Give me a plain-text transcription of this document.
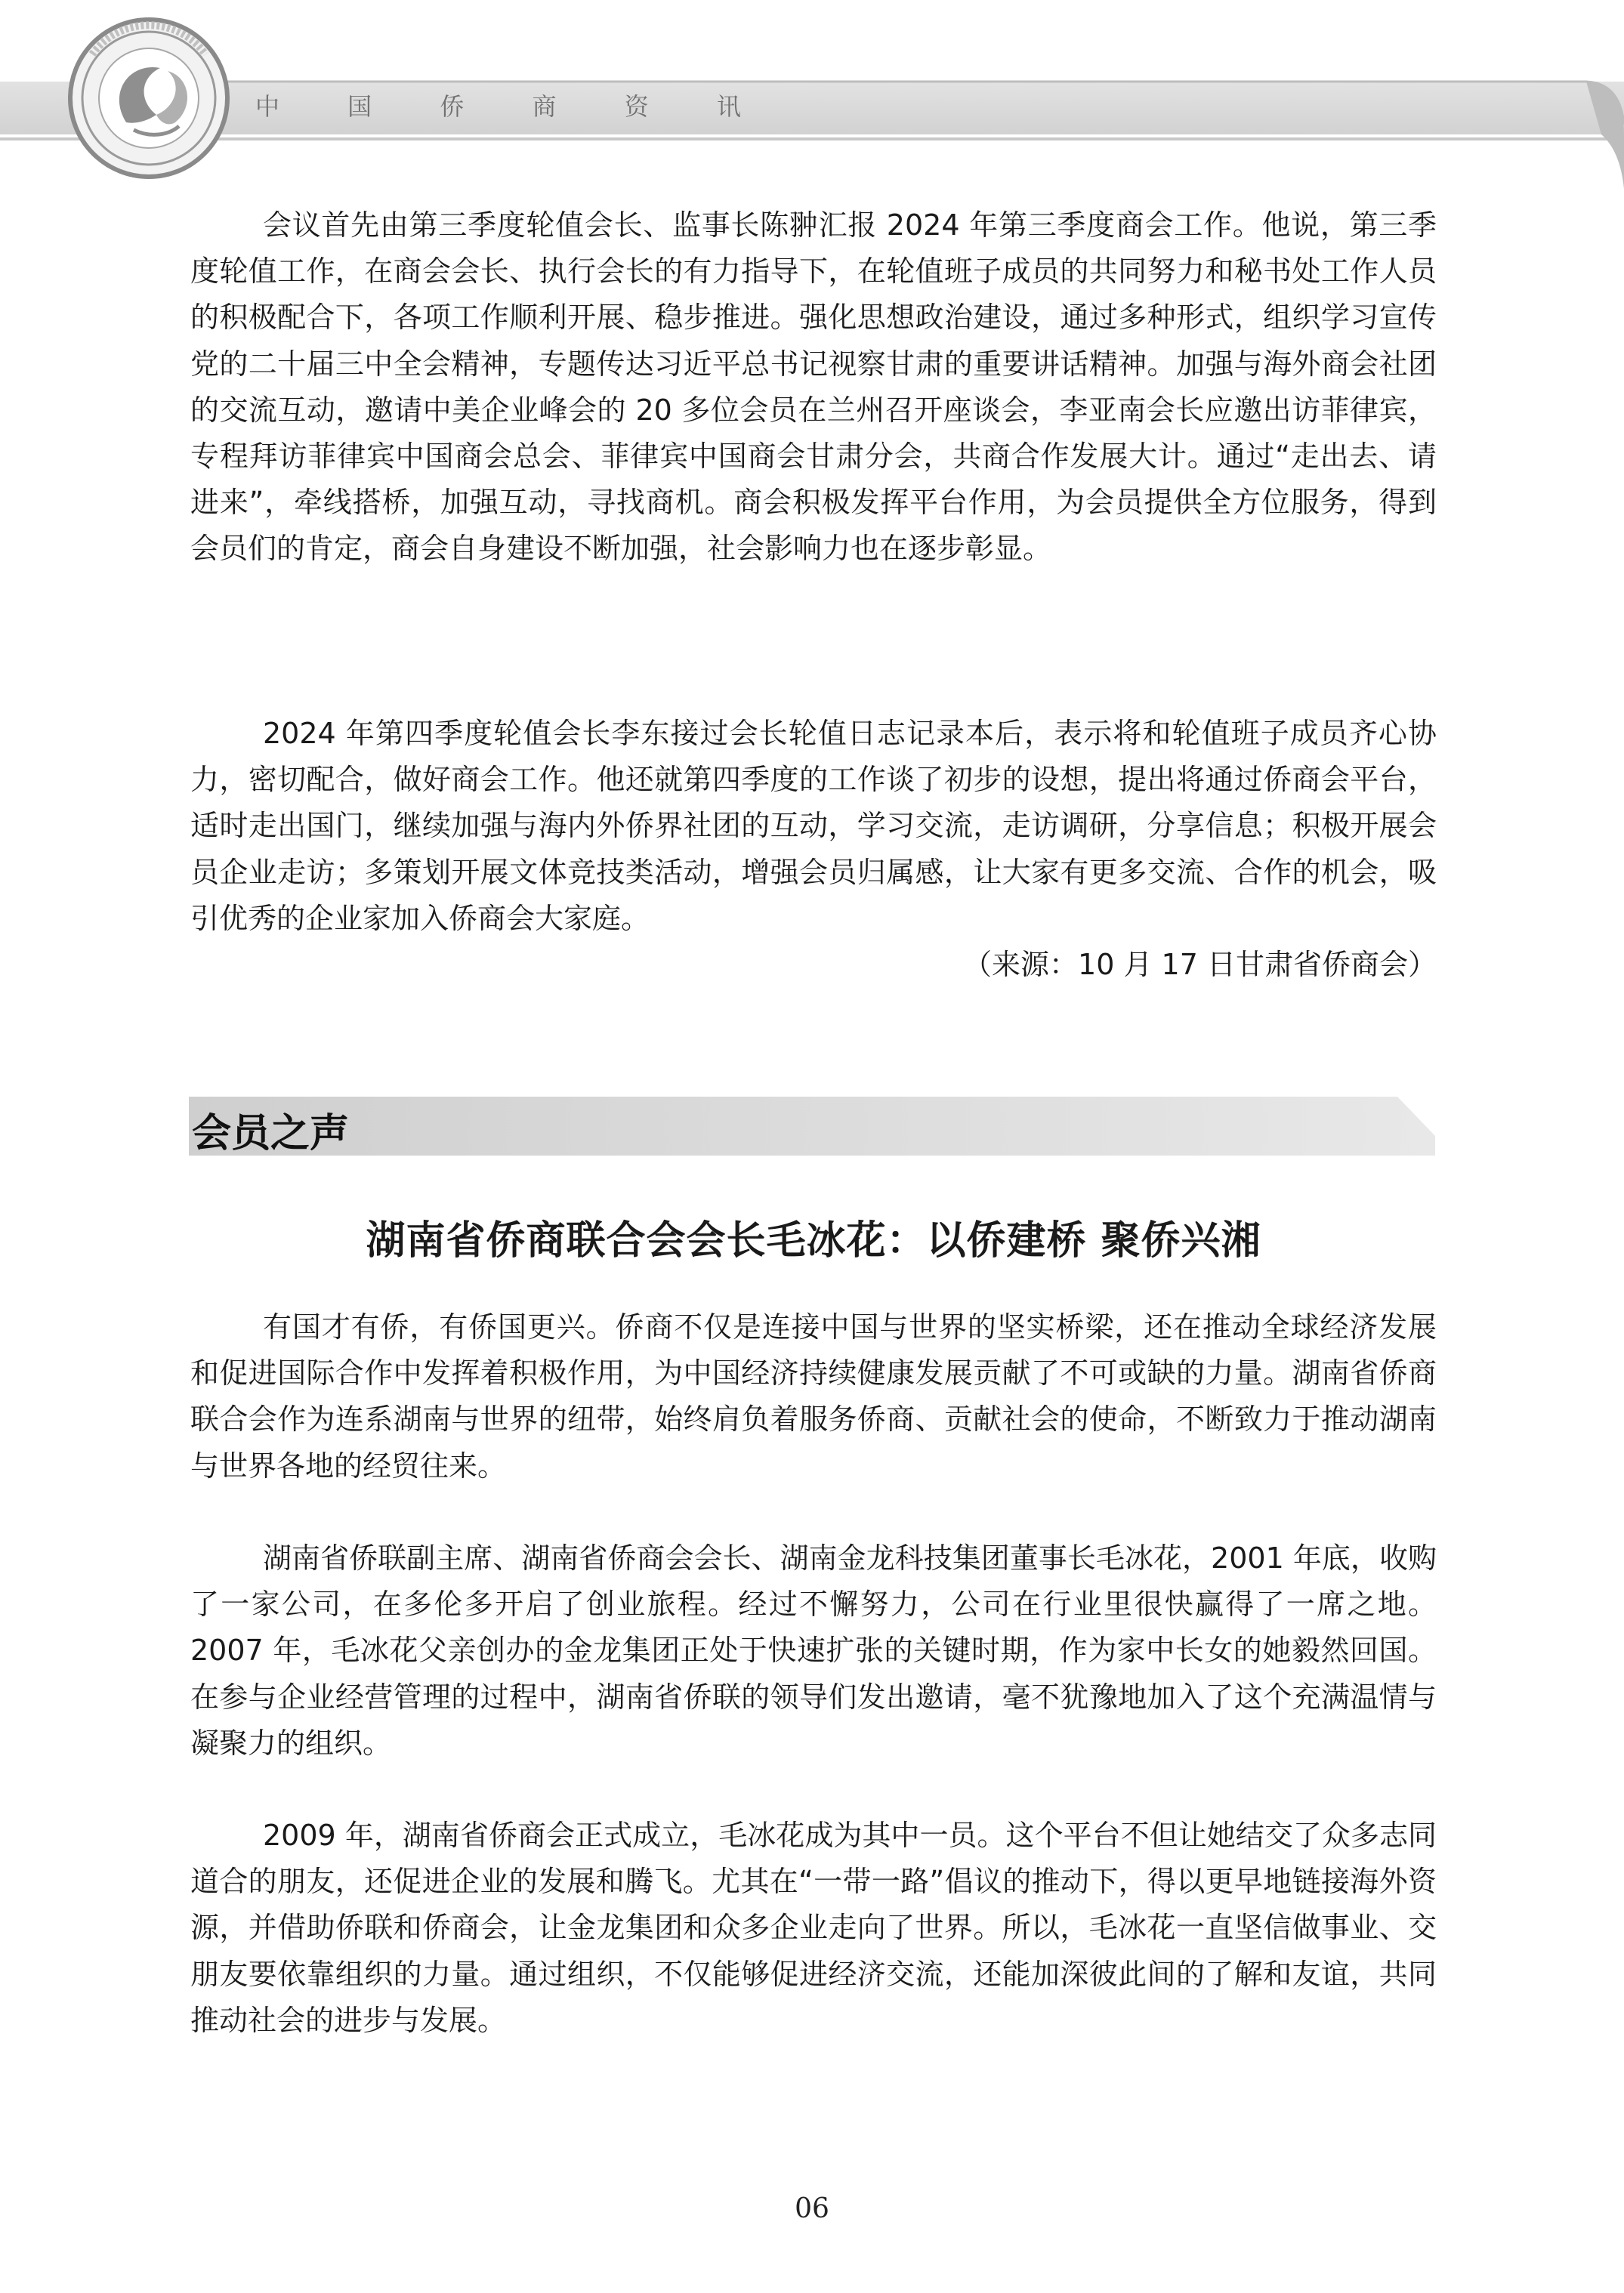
中 国 侨 商 资 讯

会议首先由第三季度轮值会长、监事长陈翀汇报 2024 年第三季度商会工作。他说，第三季度轮值工作，在商会会长、执行会长的有力指导下，在轮值班子成员的共同努力和秘书处工作人员的积极配合下，各项工作顺利开展、稳步推进。强化思想政治建设，通过多种形式，组织学习宣传党的二十届三中全会精神，专题传达习近平总书记视察甘肃的重要讲话精神。加强与海外商会社团的交流互动，邀请中美企业峰会的 20 多位会员在兰州召开座谈会，李亚南会长应邀出访菲律宾，专程拜访菲律宾中国商会总会、菲律宾中国商会甘肃分会，共商合作发展大计。通过“走出去、请进来”，牵线搭桥，加强互动，寻找商机。商会积极发挥平台作用，为会员提供全方位服务，得到会员们的肯定，商会自身建设不断加强，社会影响力也在逐步彰显。

2024 年第四季度轮值会长李东接过会长轮值日志记录本后，表示将和轮值班子成员齐心协力，密切配合，做好商会工作。他还就第四季度的工作谈了初步的设想，提出将通过侨商会平台，适时走出国门，继续加强与海内外侨界社团的互动，学习交流，走访调研，分享信息；积极开展会员企业走访；多策划开展文体竞技类活动，增强会员归属感，让大家有更多交流、合作的机会，吸引优秀的企业家加入侨商会大家庭。

（来源：10 月 17 日甘肃省侨商会）
会员之声
湖南省侨商联合会会长毛冰花：以侨建桥 聚侨兴湘

有国才有侨，有侨国更兴。侨商不仅是连接中国与世界的坚实桥梁，还在推动全球经济发展和促进国际合作中发挥着积极作用，为中国经济持续健康发展贡献了不可或缺的力量。湖南省侨商联合会作为连系湖南与世界的纽带，始终肩负着服务侨商、贡献社会的使命，不断致力于推动湖南与世界各地的经贸往来。

湖南省侨联副主席、湖南省侨商会会长、湖南金龙科技集团董事长毛冰花，2001 年底，收购了一家公司，在多伦多开启了创业旅程。经过不懈努力，公司在行业里很快赢得了一席之地。2007 年，毛冰花父亲创办的金龙集团正处于快速扩张的关键时期，作为家中长女的她毅然回国。在参与企业经营管理的过程中，湖南省侨联的领导们发出邀请，毫不犹豫地加入了这个充满温情与凝聚力的组织。

2009 年，湖南省侨商会正式成立，毛冰花成为其中一员。这个平台不但让她结交了众多志同道合的朋友，还促进企业的发展和腾飞。尤其在“一带一路”倡议的推动下，得以更早地链接海外资源，并借助侨联和侨商会，让金龙集团和众多企业走向了世界。所以，毛冰花一直坚信做事业、交朋友要依靠组织的力量。通过组织，不仅能够促进经济交流，还能加深彼此间的了解和友谊，共同推动社会的进步与发展。

06
